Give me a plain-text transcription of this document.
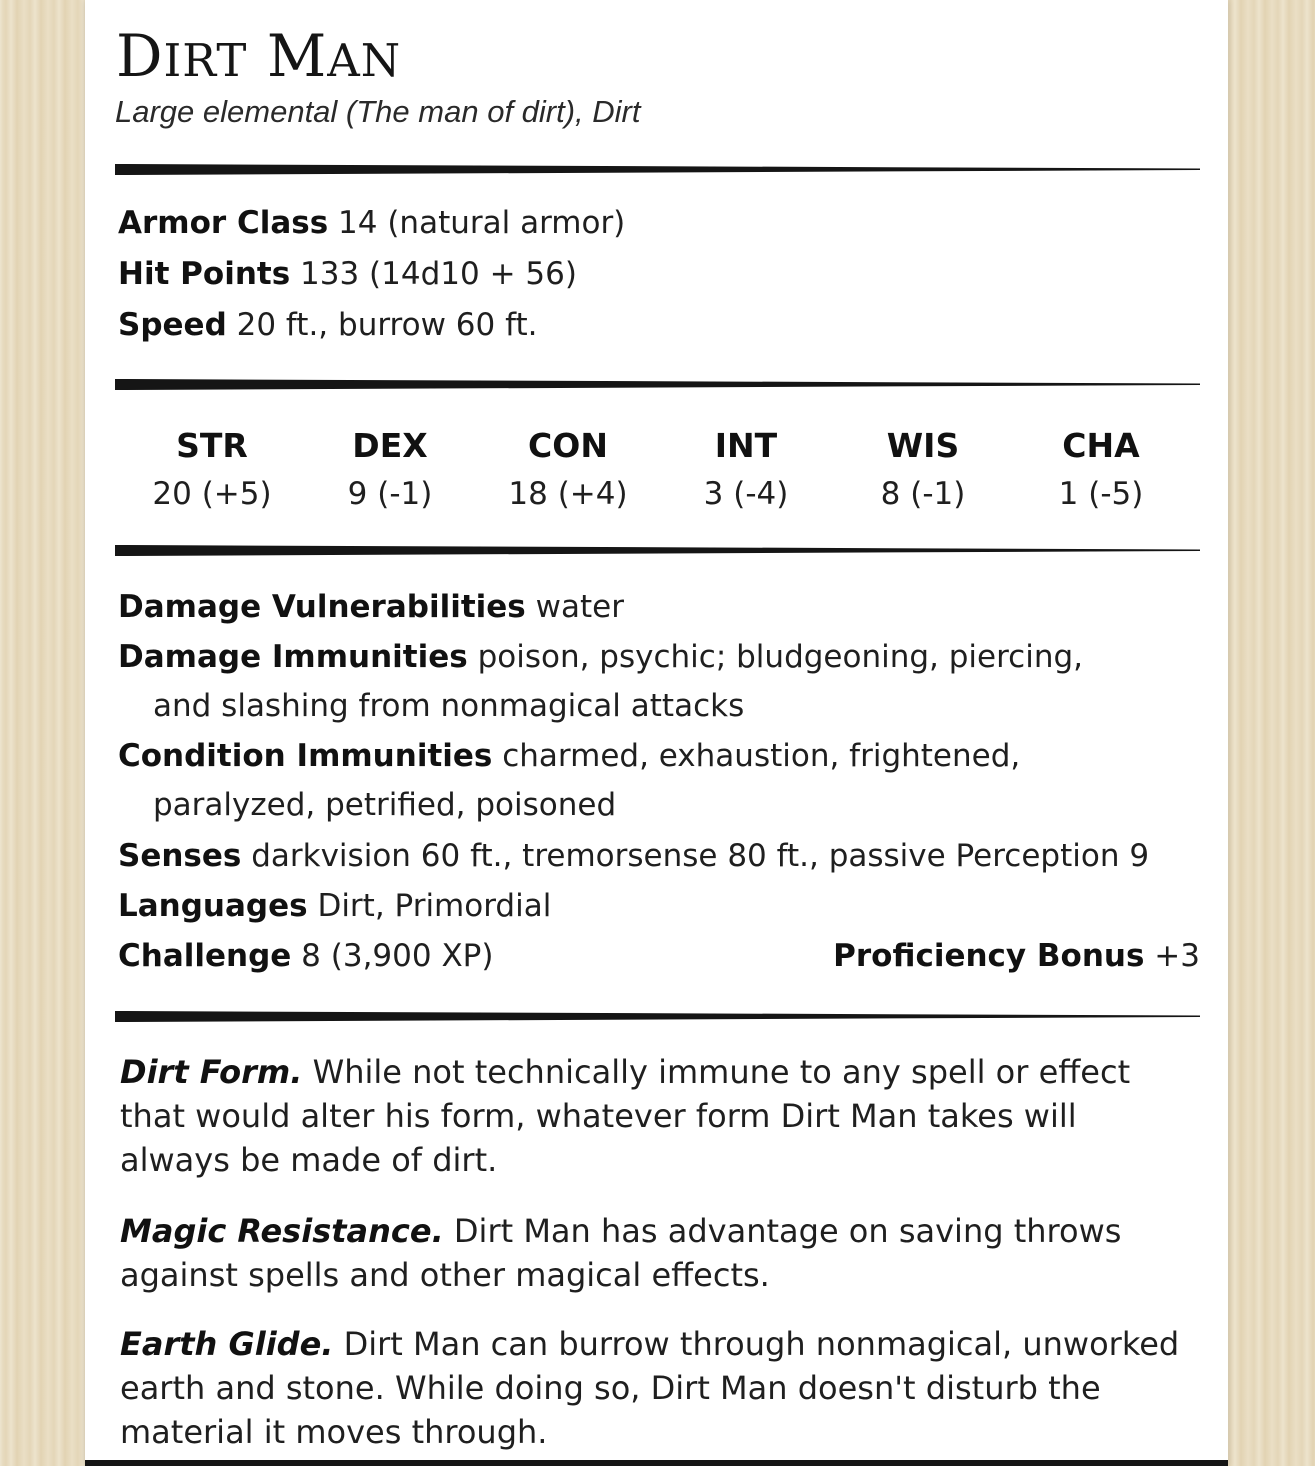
DIRT MAN
Large elemental (The man of dirt), Dirt
Armor Class 14 (natural armor)
Hit Points 133 (14d10 + 56)
Speed 20 ft., burrow 60 ft.
STR
20 (+5)
DEX
9 (-1)
CON
18 (+4)
INT
3 (-4)
WIS
8 (-1)
CHA
1 (-5)
Damage Vulnerabilities water
Damage Immunities poison, psychic; bludgeoning, piercing,
and slashing from nonmagical attacks
Condition Immunities charmed, exhaustion, frightened,
paralyzed, petrified, poisoned
Senses darkvision 60 ft., tremorsense 80 ft., passive Perception 9
Languages Dirt, Primordial
Challenge 8 (3,900 XP)	Proficiency Bonus +3
Dirt Form. While not technically immune to any spell or effect that would alter his form, whatever form Dirt Man takes will always be made of dirt.
Magic Resistance. Dirt Man has advantage on saving throws against spells and other magical effects.
Earth Glide. Dirt Man can burrow through nonmagical, unworked earth and stone. While doing so, Dirt Man doesn't disturb the material it moves through.
